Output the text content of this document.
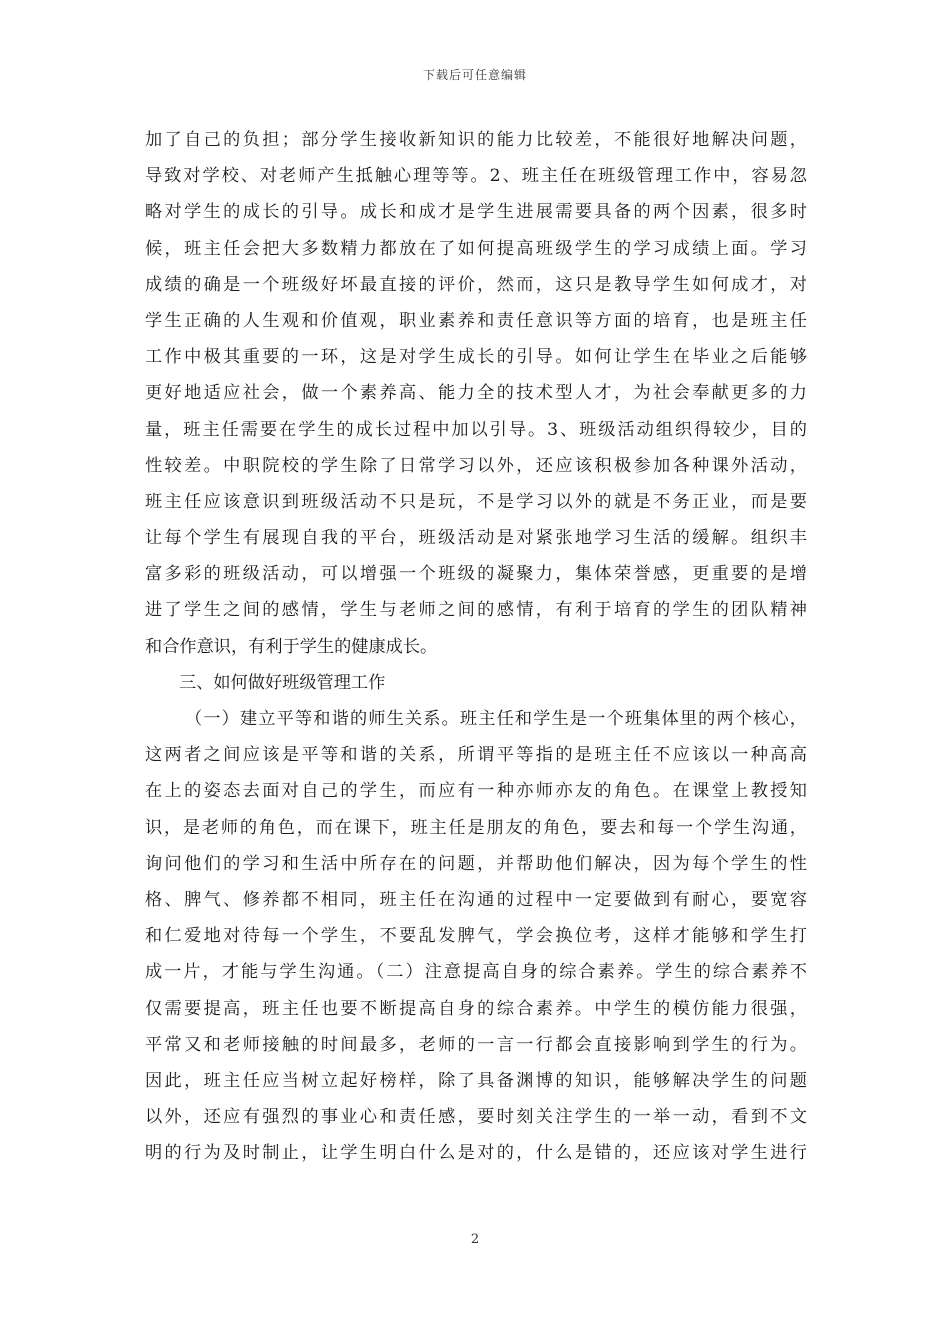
下载后可任意编辑
加了自己的负担；部分学生接收新知识的能力比较差，不能很好地解决问题，
导致对学校、对老师产生抵触心理等等。2、班主任在班级管理工作中，容易忽
略对学生的成长的引导。成长和成才是学生进展需要具备的两个因素，很多时
候，班主任会把大多数精力都放在了如何提高班级学生的学习成绩上面。学习
成绩的确是一个班级好坏最直接的评价，然而，这只是教导学生如何成才，对
学生正确的人生观和价值观，职业素养和责任意识等方面的培育，也是班主任
工作中极其重要的一环，这是对学生成长的引导。如何让学生在毕业之后能够
更好地适应社会，做一个素养高、能力全的技术型人才，为社会奉献更多的力
量，班主任需要在学生的成长过程中加以引导。3、班级活动组织得较少，目的
性较差。中职院校的学生除了日常学习以外，还应该积极参加各种课外活动，
班主任应该意识到班级活动不只是玩，不是学习以外的就是不务正业，而是要
让每个学生有展现自我的平台，班级活动是对紧张地学习生活的缓解。组织丰
富多彩的班级活动，可以增强一个班级的凝聚力，集体荣誉感，更重要的是增
进了学生之间的感情，学生与老师之间的感情，有利于培育的学生的团队精神
和合作意识，有利于学生的健康成长。
三、如何做好班级管理工作
（一）建立平等和谐的师生关系。班主任和学生是一个班集体里的两个核心，
这两者之间应该是平等和谐的关系，所谓平等指的是班主任不应该以一种高高
在上的姿态去面对自己的学生，而应有一种亦师亦友的角色。在课堂上教授知
识，是老师的角色，而在课下，班主任是朋友的角色，要去和每一个学生沟通，
询问他们的学习和生活中所存在的问题，并帮助他们解决，因为每个学生的性
格、脾气、修养都不相同，班主任在沟通的过程中一定要做到有耐心，要宽容
和仁爱地对待每一个学生，不要乱发脾气，学会换位考，这样才能够和学生打
成一片，才能与学生沟通。（二）注意提高自身的综合素养。学生的综合素养不
仅需要提高，班主任也要不断提高自身的综合素养。中学生的模仿能力很强，
平常又和老师接触的时间最多，老师的一言一行都会直接影响到学生的行为。
因此，班主任应当树立起好榜样，除了具备渊博的知识，能够解决学生的问题
以外，还应有强烈的事业心和责任感，要时刻关注学生的一举一动，看到不文
明的行为及时制止，让学生明白什么是对的，什么是错的，还应该对学生进行
2
